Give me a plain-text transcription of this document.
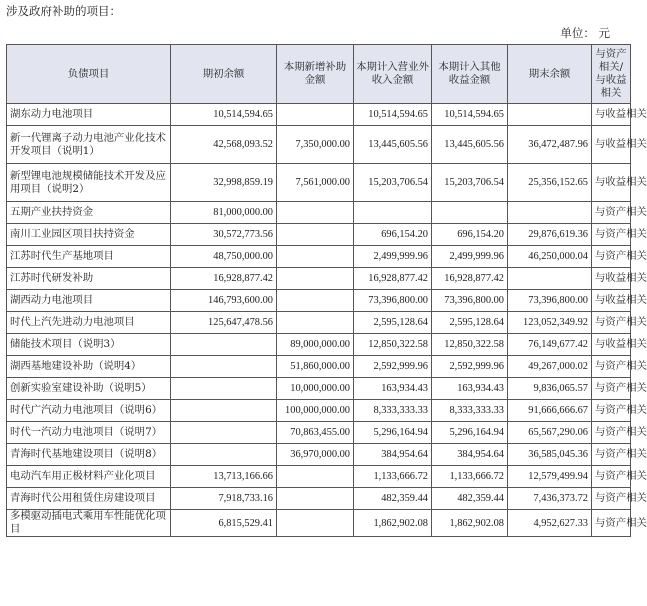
涉及政府补助的项目：
单位： 元
负债项目	期初余额	本期新增补助金额	本期计入营业外收入金额	本期计入其他收益金额	期末余额	与资产相关/与收益相关
湖东动力电池项目	10,514,594.65		10,514,594.65	10,514,594.65		与收益相关
新一代锂离子动力电池产业化技术开发项目（说明1）	42,568,093.52	7,350,000.00	13,445,605.56	13,445,605.56	36,472,487.96	与收益相关
新型锂电池规模储能技术开发及应用项目（说明2）	32,998,859.19	7,561,000.00	15,203,706.54	15,203,706.54	25,356,152.65	与收益相关
五期产业扶持资金	81,000,000.00					与资产相关
南川工业园区项目扶持资金	30,572,773.56		696,154.20	696,154.20	29,876,619.36	与资产相关
江苏时代生产基地项目	48,750,000.00		2,499,999.96	2,499,999.96	46,250,000.04	与资产相关
江苏时代研发补助	16,928,877.42		16,928,877.42	16,928,877.42		与收益相关
湖西动力电池项目	146,793,600.00		73,396,800.00	73,396,800.00	73,396,800.00	与收益相关
时代上汽先进动力电池项目	125,647,478.56		2,595,128.64	2,595,128.64	123,052,349.92	与资产相关
储能技术项目（说明3）		89,000,000.00	12,850,322.58	12,850,322.58	76,149,677.42	与收益相关
湖西基地建设补助（说明4）		51,860,000.00	2,592,999.96	2,592,999.96	49,267,000.02	与资产相关
创新实验室建设补助（说明5）		10,000,000.00	163,934.43	163,934.43	9,836,065.57	与资产相关
时代广汽动力电池项目（说明6）		100,000,000.00	8,333,333.33	8,333,333.33	91,666,666.67	与资产相关
时代一汽动力电池项目（说明7）		70,863,455.00	5,296,164.94	5,296,164.94	65,567,290.06	与资产相关
青海时代基地建设项目（说明8）		36,970,000.00	384,954.64	384,954.64	36,585,045.36	与资产相关
电动汽车用正极材料产业化项目	13,713,166.66		1,133,666.72	1,133,666.72	12,579,499.94	与资产相关
青海时代公用租赁住房建设项目	7,918,733.16		482,359.44	482,359.44	7,436,373.72	与资产相关
多模驱动插电式乘用车性能优化项目	6,815,529.41		1,862,902.08	1,862,902.08	4,952,627.33	与资产相关
